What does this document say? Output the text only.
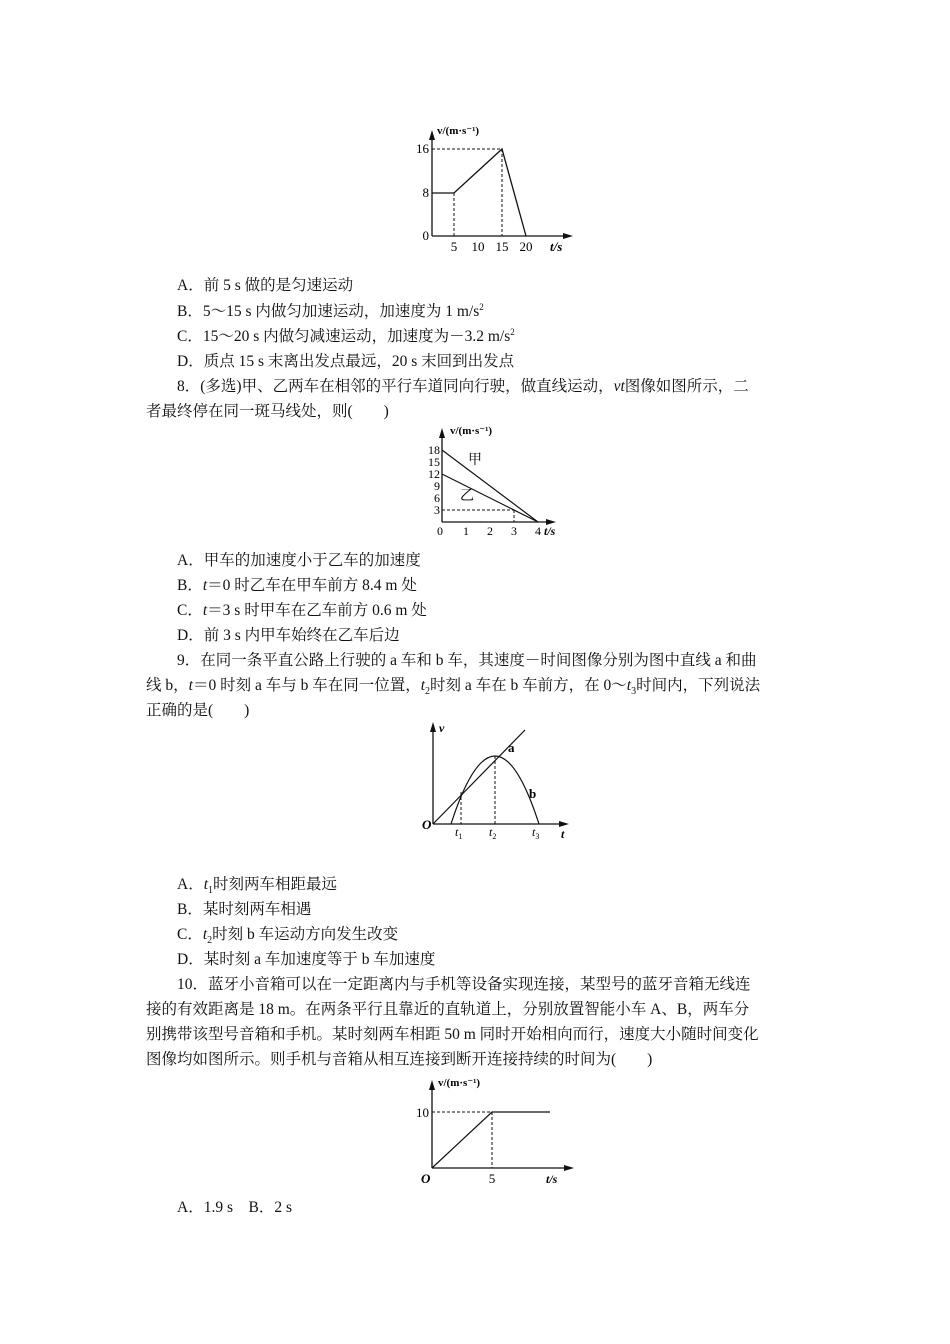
v/(m·s⁻¹)
16
8
0
5 10 15 20 t/s
A．前 5 s 做的是匀速运动
B．5～15 s 内做匀加速运动，加速度为 1 $m/s^2$
C．15～20 s 内做匀减速运动，加速度为－3.2 $m/s^2$
D．质点 15 s 末离出发点最远，20 s 末回到出发点
8．(多选)甲、乙两车在相邻的平行车道同向行驶，做直线运动，vt图像如图所示，二
者最终停在同一斑马线处，则(　　)
v/(m·s⁻¹)
18
15
12
9
6
3
0 1 2 3 4 t/s
甲
乙
A．甲车的加速度小于乙车的加速度
B．t＝0 时乙车在甲车前方 8.4 m 处
C．t＝3 s 时甲车在乙车前方 0.6 m 处
D．前 3 s 内甲车始终在乙车后边
9．在同一条平直公路上行驶的 a 车和 b 车，其速度－时间图像分别为图中直线 a 和曲
线 b，t＝0 时刻 a 车与 b 车在同一位置，$t_2$时刻 a 车在 b 车前方，在 $0\sim t_3$时间内，下列说法
正确的是(　　)
v
O
t
a
b
$t_1$ $t_2$	$t_3$
A．$t_1$时刻两车相距最远
B．某时刻两车相遇
C．$t_2$时刻 b 车运动方向发生改变
D．某时刻 a 车加速度等于 b 车加速度
10．蓝牙小音箱可以在一定距离内与手机等设备实现连接，某型号的蓝牙音箱无线连
接的有效距离是 18 m。在两条平行且靠近的直轨道上，分别放置智能小车 A、B，两车分
别携带该型号音箱和手机。某时刻两车相距 50 m 同时开始相向而行，速度大小随时间变化
图像均如图所示。则手机与音箱从相互连接到断开连接持续的时间为(　　)
v/(m·s⁻¹)
10
O	5	t/s
A．1.9 s　B．2 s
